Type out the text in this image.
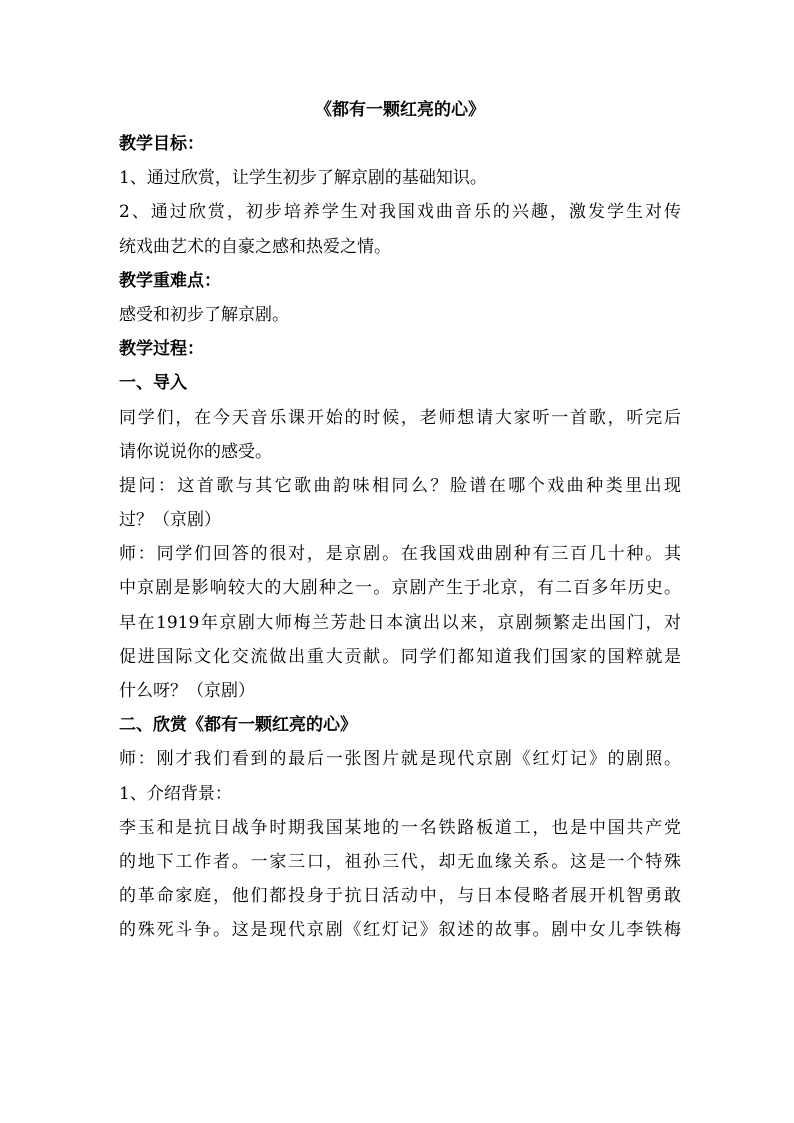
《都有一颗红亮的心》
教学目标：
1、通过欣赏，让学生初步了解京剧的基础知识。
2、通过欣赏，初步培养学生对我国戏曲音乐的兴趣，激发学生对传
统戏曲艺术的自豪之感和热爱之情。
教学重难点：
感受和初步了解京剧。
教学过程：
一、导入
同学们，在今天音乐课开始的时候，老师想请大家听一首歌，听完后
请你说说你的感受。
提问：这首歌与其它歌曲韵味相同么？脸谱在哪个戏曲种类里出现
过？（京剧）
师：同学们回答的很对，是京剧。在我国戏曲剧种有三百几十种。其
中京剧是影响较大的大剧种之一。京剧产生于北京，有二百多年历史。
早在1919年京剧大师梅兰芳赴日本演出以来，京剧频繁走出国门，对
促进国际文化交流做出重大贡献。同学们都知道我们国家的国粹就是
什么呀？（京剧）
二、欣赏《都有一颗红亮的心》
师：刚才我们看到的最后一张图片就是现代京剧《红灯记》的剧照。
1、介绍背景：
李玉和是抗日战争时期我国某地的一名铁路板道工，也是中国共产党
的地下工作者。一家三口，祖孙三代，却无血缘关系。这是一个特殊
的革命家庭，他们都投身于抗日活动中，与日本侵略者展开机智勇敢
的殊死斗争。这是现代京剧《红灯记》叙述的故事。剧中女儿李铁梅
